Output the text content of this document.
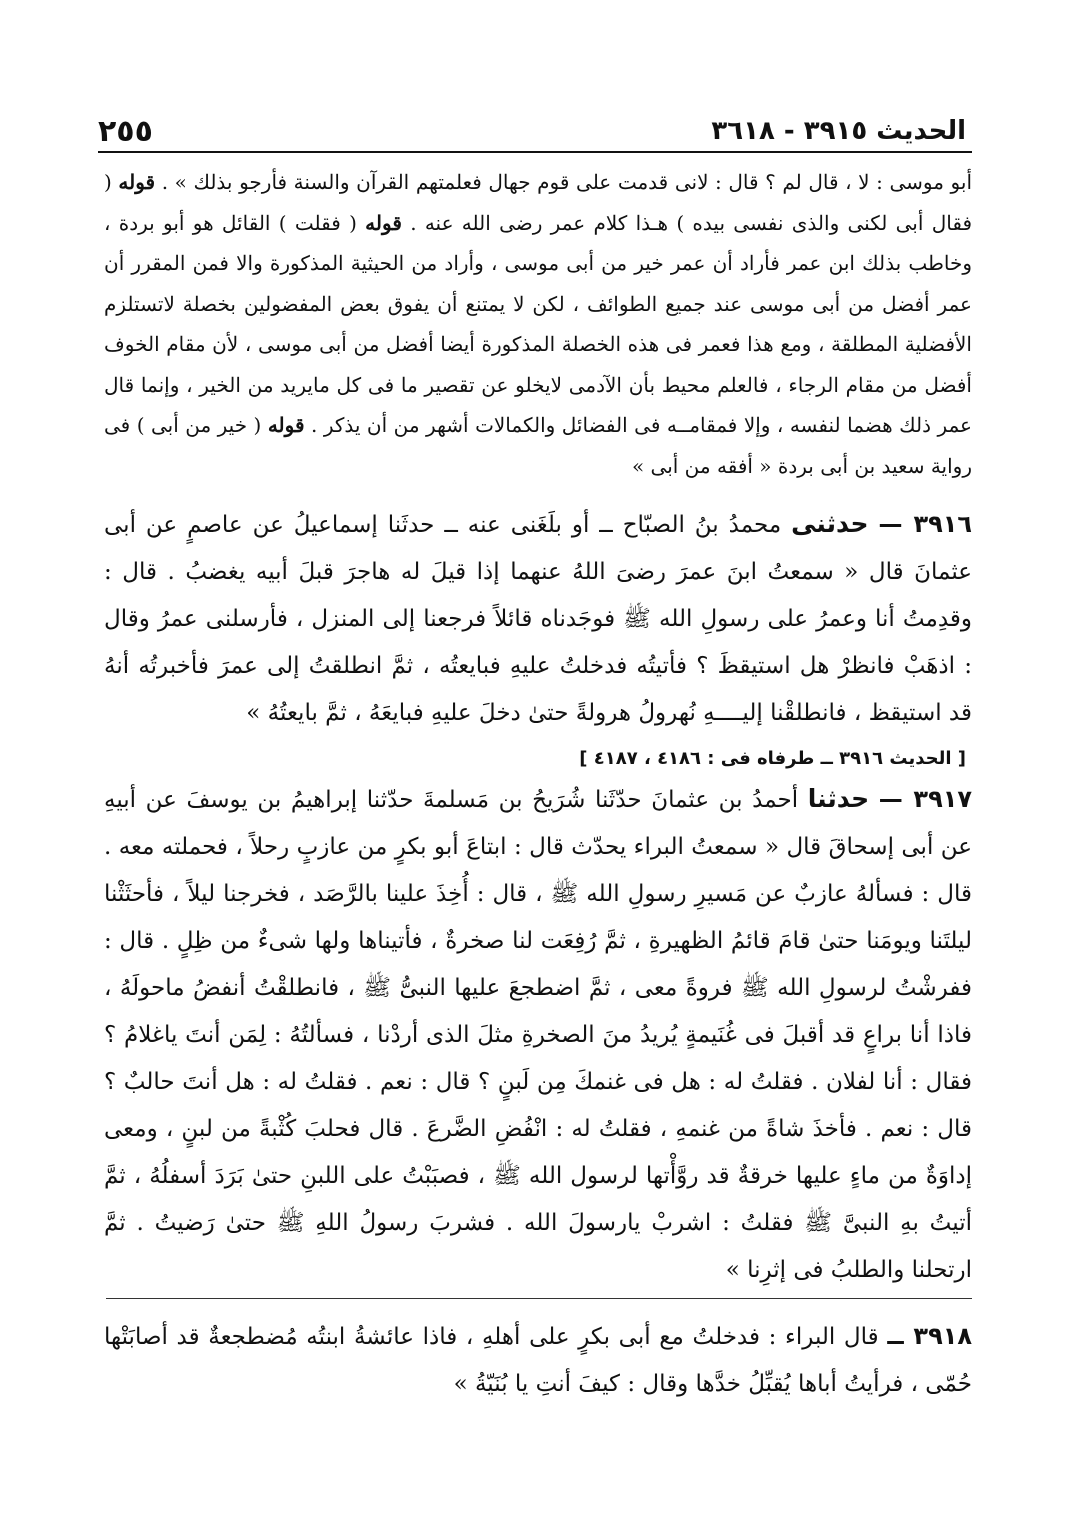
الحديث ٣٩١٥ - ٣٦١٨
٢٥٥
أبو موسى : لا ، قال لم ؟ قال : لانى قدمت على قوم جهال فعلمتهم القرآن والسنة فأرجو بذلك » . قوله ( فقال أبى لكنى والذى نفسى بيده ) هـذا كلام عمر رضى الله عنه . قوله ( فقلت ) القائل هو أبو بردة ، وخاطب بذلك ابن عمر فأراد أن عمر خير من أبى موسى ، وأراد من الحيثية المذكورة والا فمن المقرر أن عمر أفضل من أبى موسى عند جميع الطوائف ، لكن لا يمتنع أن يفوق بعض المفضولين بخصلة لاتستلزم الأفضلية المطلقة ، ومع هذا فعمر فى هذه الخصلة المذكورة أيضا أفضل من أبى موسى ، لأن مقام الخوف أفضل من مقام الرجاء ، فالعلم محيط بأن الآدمى لايخلو عن تقصير ما فى كل مايريد من الخير ، وإنما قال عمر ذلك هضما لنفسه ، وإلا فمقامــه فى الفضائل والكمالات أشهر من أن يذكر . قوله ( خير من أبى ) فى رواية سعيد بن أبى بردة « أفقه من أبى »
٣٩١٦ — حدثنى محمدُ بنُ الصبّاح ــ أو بلَغَنى عنه ــ حدثَنا إسماعيلُ عن عاصمٍ عن أبى عثمانَ قال « سمعتُ ابنَ عمرَ رضىَ اللهُ عنهما إذا قيلَ له هاجرَ قبلَ أبيه يغضبُ . قال : وقدِمتُ أنا وعمرُ على رسولِ الله ﷺ فوجَدناه قائلاً فرجعنا إلى المنزل ، فأرسلنى عمرُ وقال : اذهَبْ فانظرْ هل استيقظَ ؟ فأتيتُه فدخلتُ عليهِ فبايعتُه ، ثمَّ انطلقتُ إلى عمرَ فأخبرتُه أنهُ قد استيقظ ، فانطلقْنا إليــــهِ نُهرولُ هرولةً حتىٰ دخلَ عليهِ فبايعَهُ ، ثمَّ بايعتُهُ »
[ الحديث ٣٩١٦ ــ طرفاه فى : ٤١٨٦ ، ٤١٨٧ ]
٣٩١٧ — حدثنا أحمدُ بن عثمانَ حدّثَنا شُرَيحُ بن مَسلمةَ حدّثنا إبراهيمُ بن يوسفَ عن أبيهِ عن أبى إسحاقَ قال « سمعتُ البراء يحدّث قال : ابتاعَ أبو بكرٍ من عازبٍ رحلاً ، فحملته معه . قال : فسألهُ عازبٌ عن مَسيرِ رسولِ الله ﷺ ، قال : أُخِذَ علينا بالرَّصَد ، فخرجنا ليلاً ، فأحثَثْنا ليلتَنا ويومَنا حتىٰ قامَ قائمُ الظهيرةِ ، ثمَّ رُفِعَت لنا صخرةٌ ، فأتيناها ولها شىءٌ من ظِلٍ . قال : ففرشْتُ لرسولِ الله ﷺ فروةً معى ، ثمَّ اضطجعَ عليها النبىُّ ﷺ ، فانطلقْتُ أنفضُ ماحولَهُ ، فاذا أنا براعٍ قد أقبلَ فى غُنَيمةٍ يُريدُ منَ الصخرةِ مثلَ الذى أردْنا ، فسألتُهُ : لِمَن أنتَ ياغلامُ ؟ فقال : أنا لفلان . فقلتُ له : هل فى غنمكَ مِن لَبنٍ ؟ قال : نعم . فقلتُ له : هل أنتَ حالبٌ ؟ قال : نعم . فأخذَ شاةً من غنمهِ ، فقلتُ له : انْفُضِ الضَّرعَ . قال فحلبَ كُثْبةً من لبنٍ ، ومعى إداوَةٌ من ماءٍ عليها خرقةٌ قد روَّأْتها لرسول الله ﷺ ، فصبَبْتُ على اللبنِ حتىٰ بَرَدَ أسفلُهُ ، ثمَّ أتيتُ بهِ النبىَّ ﷺ فقلتُ : اشربْ يارسولَ الله . فشربَ رسولُ اللهِ ﷺ حتىٰ رَضيتُ . ثمَّ ارتحلنا والطلبُ فى إثرِنا »
٣٩١٨ ــ قال البراء : فدخلتُ مع أبى بكرٍ على أهلهِ ، فاذا عائشةُ ابنتُه مُضطجعةٌ قد أصابَتْها حُمّى ، فرأيتُ أباها يُقبِّلُ خدَّها وقال : كيفَ أنتِ يا بُنَيّةُ »
